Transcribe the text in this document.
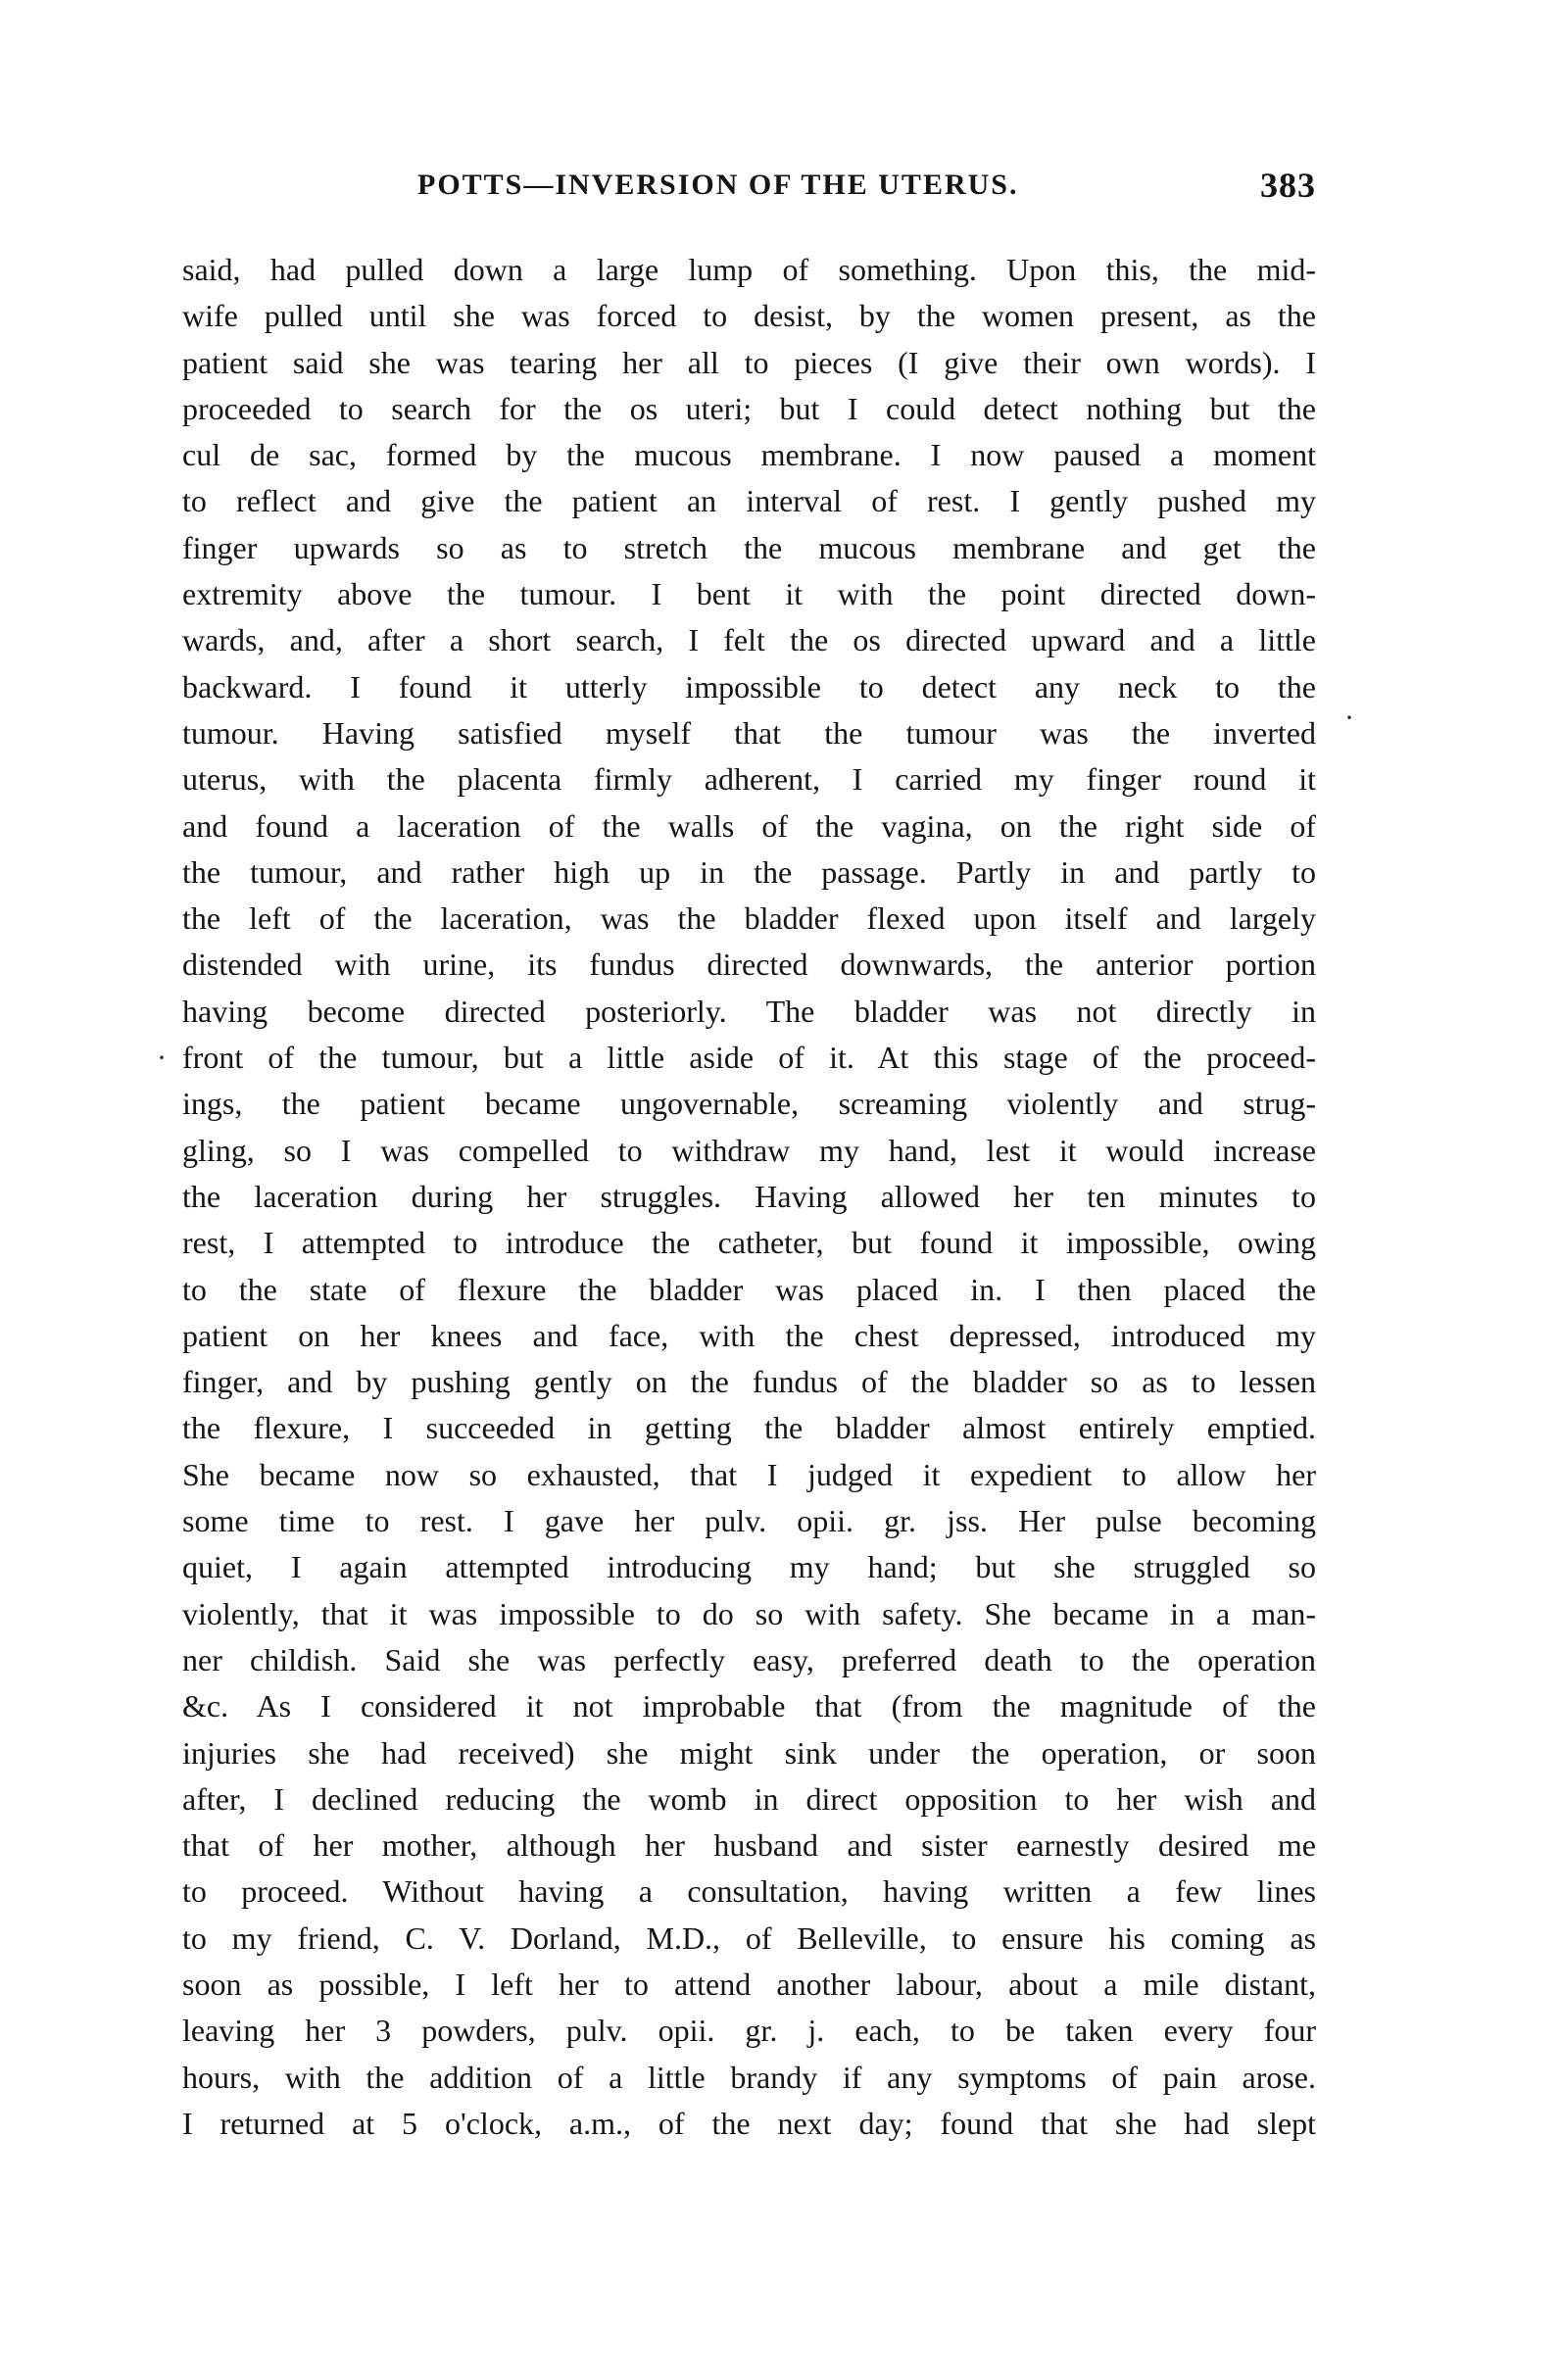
POTTS—INVERSION OF THE UTERUS.	383
said, had pulled down a large lump of something. Upon this, the mid-
wife pulled until she was forced to desist, by the women present, as the
patient said she was tearing her all to pieces (I give their own words). I
proceeded to search for the os uteri; but I could detect nothing but the
cul de sac, formed by the mucous membrane. I now paused a moment
to reflect and give the patient an interval of rest. I gently pushed my
finger upwards so as to stretch the mucous membrane and get the
extremity above the tumour. I bent it with the point directed down-
wards, and, after a short search, I felt the os directed upward and a little
backward. I found it utterly impossible to detect any neck to the
tumour. Having satisfied myself that the tumour was the inverted
uterus, with the placenta firmly adherent, I carried my finger round it
and found a laceration of the walls of the vagina, on the right side of
the tumour, and rather high up in the passage. Partly in and partly to
the left of the laceration, was the bladder flexed upon itself and largely
distended with urine, its fundus directed downwards, the anterior portion
having become directed posteriorly. The bladder was not directly in
front of the tumour, but a little aside of it. At this stage of the proceed-
ings, the patient became ungovernable, screaming violently and strug-
gling, so I was compelled to withdraw my hand, lest it would increase
the laceration during her struggles. Having allowed her ten minutes to
rest, I attempted to introduce the catheter, but found it impossible, owing
to the state of flexure the bladder was placed in. I then placed the
patient on her knees and face, with the chest depressed, introduced my
finger, and by pushing gently on the fundus of the bladder so as to lessen
the flexure, I succeeded in getting the bladder almost entirely emptied.
She became now so exhausted, that I judged it expedient to allow her
some time to rest. I gave her pulv. opii. gr. jss. Her pulse becoming
quiet, I again attempted introducing my hand; but she struggled so
violently, that it was impossible to do so with safety. She became in a man-
ner childish. Said she was perfectly easy, preferred death to the operation
&c. As I considered it not improbable that (from the magnitude of the
injuries she had received) she might sink under the operation, or soon
after, I declined reducing the womb in direct opposition to her wish and
that of her mother, although her husband and sister earnestly desired me
to proceed. Without having a consultation, having written a few lines
to my friend, C. V. Dorland, M.D., of Belleville, to ensure his coming as
soon as possible, I left her to attend another labour, about a mile distant,
leaving her 3 powders, pulv. opii. gr. j. each, to be taken every four
hours, with the addition of a little brandy if any symptoms of pain arose.
I returned at 5 o'clock, a.m., of the next day; found that she had slept
·
·
